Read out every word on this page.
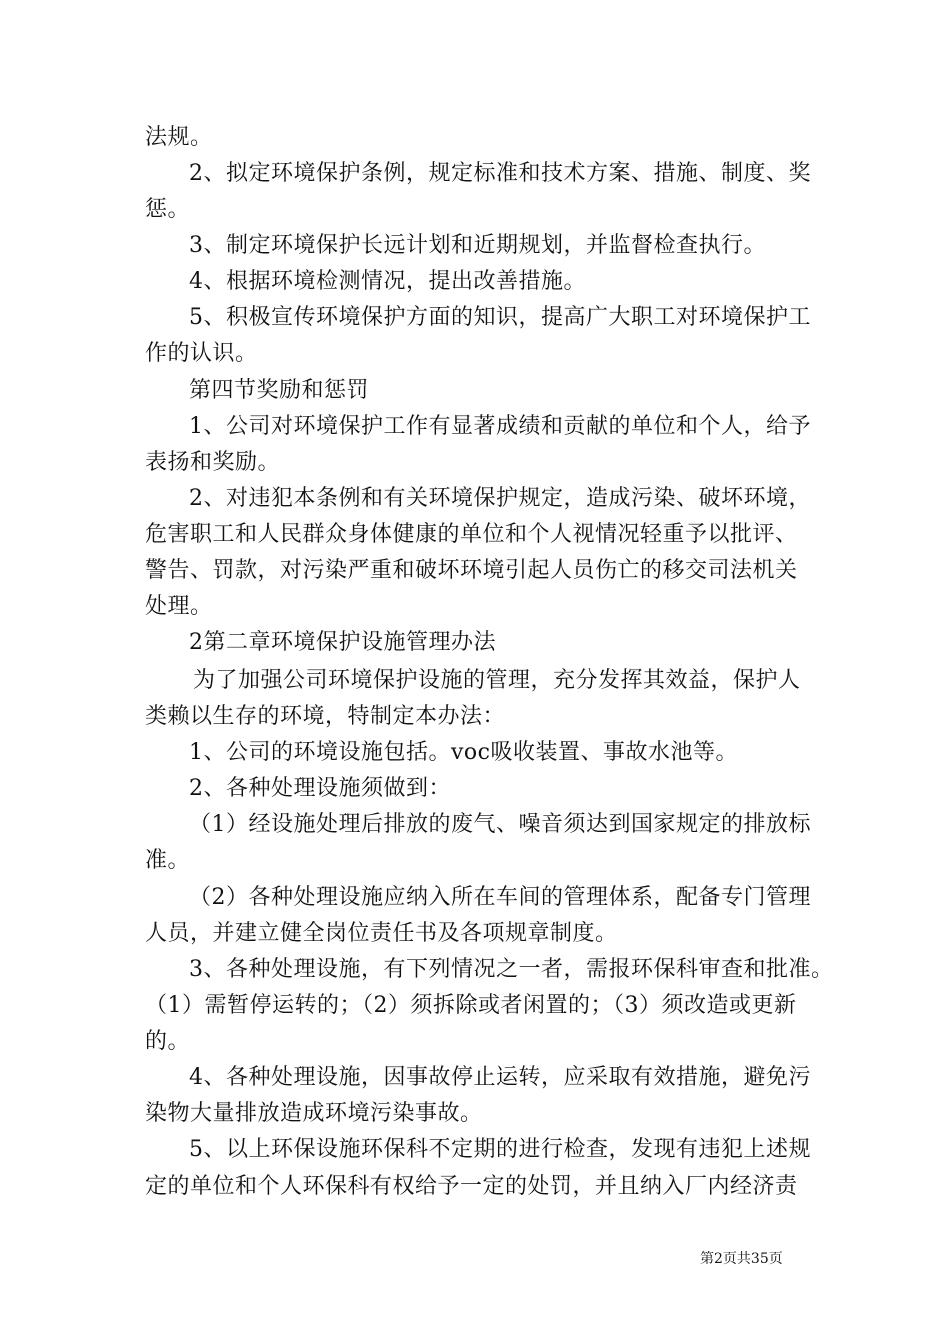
法规。
2、拟定环境保护条例，规定标准和技术方案、措施、制度、奖
惩。
3、制定环境保护长远计划和近期规划，并监督检查执行。
4、根据环境检测情况，提出改善措施。
5、积极宣传环境保护方面的知识，提高广大职工对环境保护工
作的认识。
第四节奖励和惩罚
1、公司对环境保护工作有显著成绩和贡献的单位和个人，给予
表扬和奖励。
2、对违犯本条例和有关环境保护规定，造成污染、破坏环境，
危害职工和人民群众身体健康的单位和个人视情况轻重予以批评、
警告、罚款，对污染严重和破坏环境引起人员伤亡的移交司法机关
处理。
2第二章环境保护设施管理办法
为了加强公司环境保护设施的管理，充分发挥其效益，保护人
类赖以生存的环境，特制定本办法：
1、公司的环境设施包括。voc吸收装置、事故水池等。
2、各种处理设施须做到：
（1）经设施处理后排放的废气、噪音须达到国家规定的排放标
准。
（2）各种处理设施应纳入所在车间的管理体系，配备专门管理
人员，并建立健全岗位责任书及各项规章制度。
3、各种处理设施，有下列情况之一者，需报环保科审查和批准。
（1）需暂停运转的；（2）须拆除或者闲置的；（3）须改造或更新
的。
4、各种处理设施，因事故停止运转，应采取有效措施，避免污
染物大量排放造成环境污染事故。
5、以上环保设施环保科不定期的进行检查，发现有违犯上述规
定的单位和个人环保科有权给予一定的处罚，并且纳入厂内经济责
第2页共35页
